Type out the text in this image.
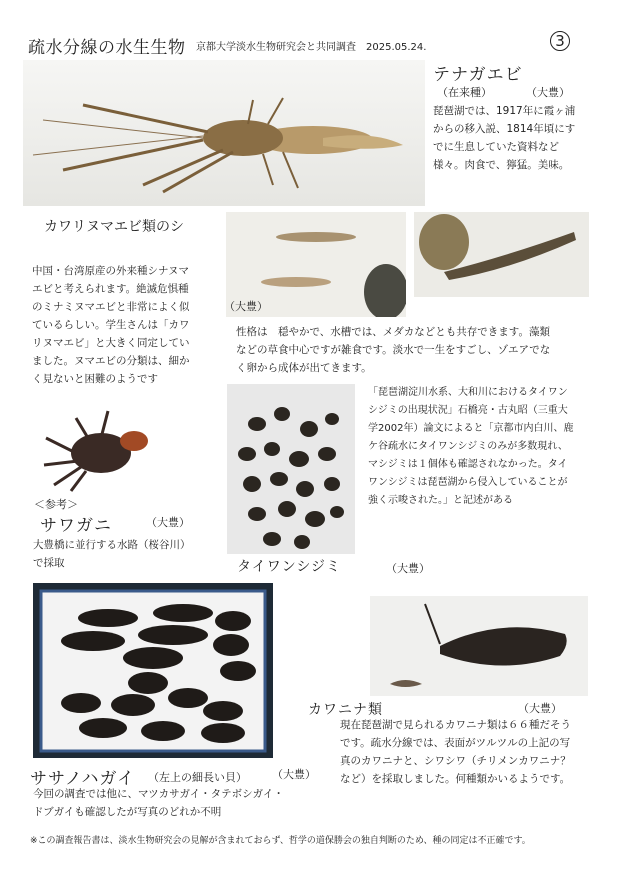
疏水分線の水生生物 京都大学淡水生物研究会と共同調査　2025.05.24.	3
テナガエビ
（在来種）	（大豊）
琵琶湖では、1917年に霞ヶ浦
からの移入説、1814年頃にす
でに生息していた資料など
様々。肉食で、獰猛。美味。
カワリヌマエビ類のシ
（大豊）
中国・台湾原産の外来種シナヌマ
エビと考えられます。絶滅危惧種
のミナミヌマエビと非常によく似
ているらしい。学生さんは「カワ
リヌマエビ」と大きく同定してい
ました。ヌマエビの分類は、細か
く見ないと困難のようです
性格は　穏やかで、水槽では、メダカなどとも共存できます。藻類
などの草食中心ですが雑食です。淡水で一生をすごし、ゾエアでな
く卵から成体が出てきます。
＜参考＞
サワガニ	（大豊）
大豊橋に並行する水路（桜谷川）
で採取
「琵琶湖淀川水系、大和川におけるタイワン
シジミの出現状況」石橋亮・古丸昭（三重大
学2002年）論文によると「京都市内白川、鹿
ケ谷疏水にタイワンシジミのみが多数現れ、
マシジミは１個体も確認されなかった。タイ
ワンシジミは琵琶湖から侵入していることが
強く示唆された。」と記述がある
タイワンシジミ	（大豊）
カワニナ類	（大豊）
現在琵琶湖で見られるカワニナ類は６６種だそう
です。疏水分線では、表面がツルツルの上記の写
真のカワニナと、シワシワ（チリメンカワニナ？
など）を採取しました。何種類かいるようです。
ササノハガイ （左上の細長い貝） （大豊）
今回の調査では他に、マツカサガイ・タテボシガイ・
ドブガイも確認したが写真のどれか不明
※この調査報告書は、淡水生物研究会の見解が含まれておらず、哲学の道保勝会の独自判断のため、種の同定は不正確です。
